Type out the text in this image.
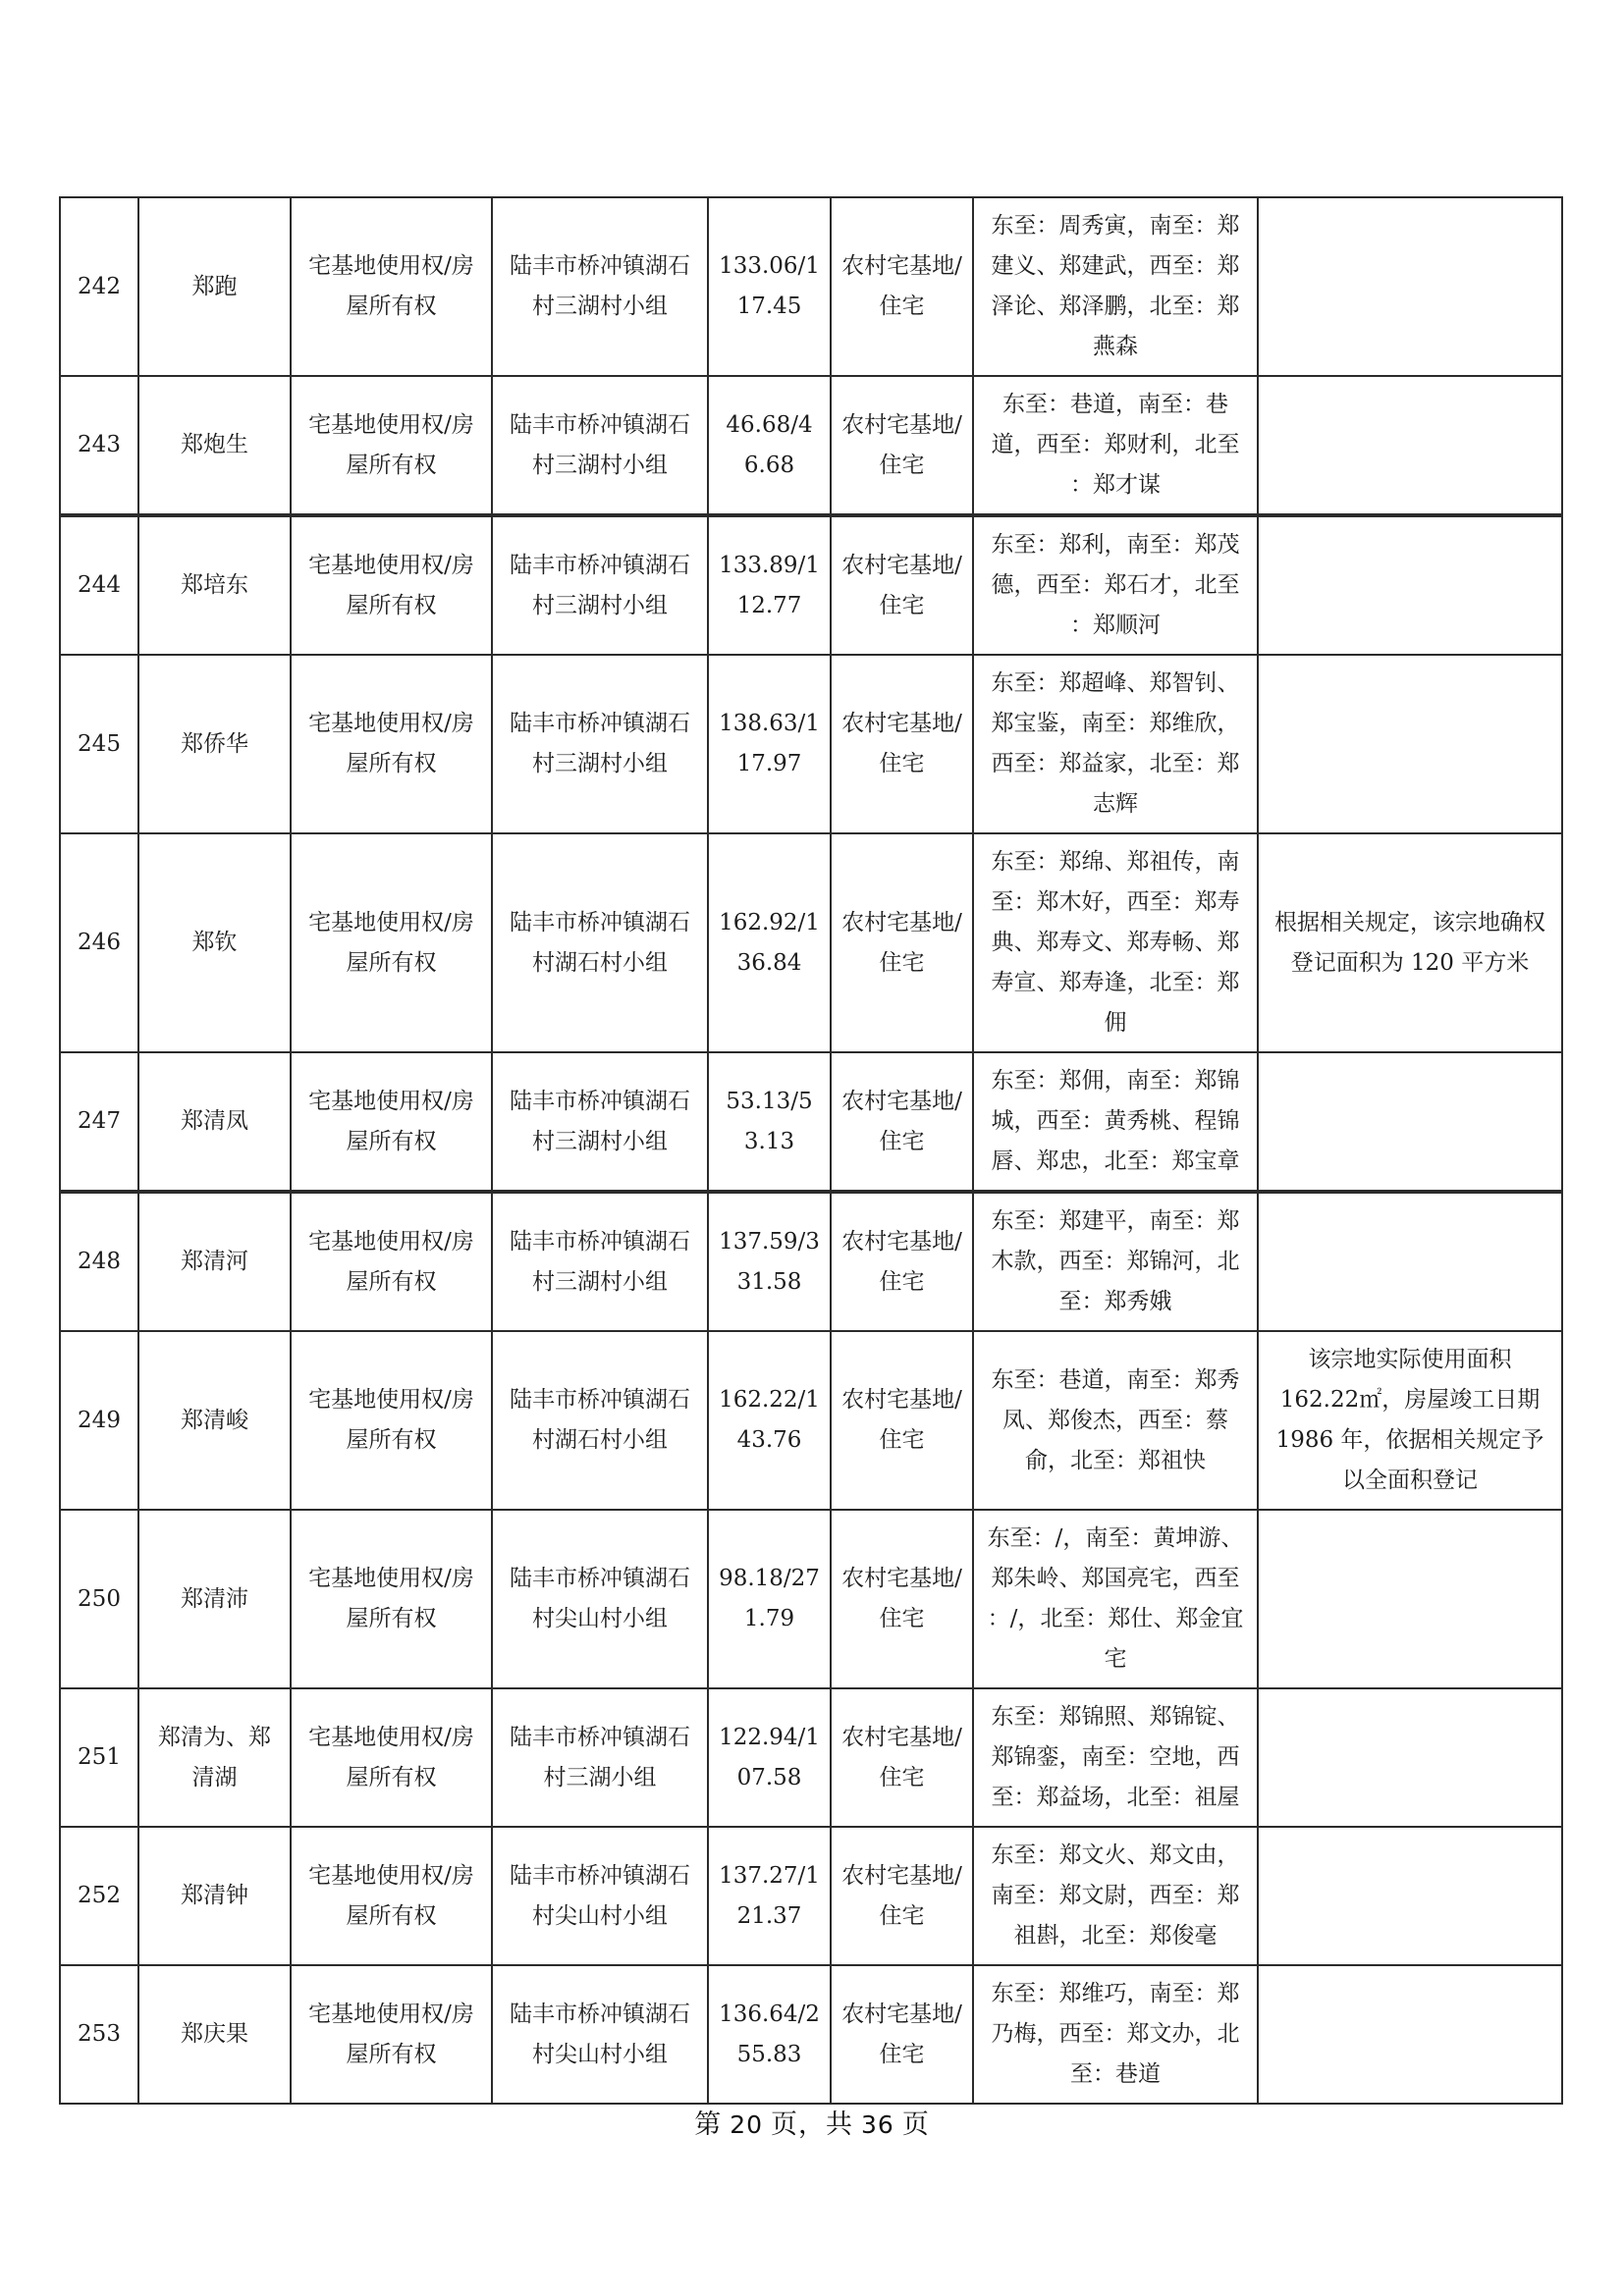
242	郑跑	宅基地使用权/房屋所有权	陆丰市桥冲镇湖石村三湖村小组	133.06/117.45	农村宅基地/住宅	东至：周秀寅，南至：郑建义、郑建武，西至：郑泽论、郑泽鹏，北至：郑燕森	
243	郑炮生	宅基地使用权/房屋所有权	陆丰市桥冲镇湖石村三湖村小组	46.68/46.68	农村宅基地/住宅	东至：巷道，南至：巷道，西至：郑财利，北至：郑才谋	
244	郑培东	宅基地使用权/房屋所有权	陆丰市桥冲镇湖石村三湖村小组	133.89/112.77	农村宅基地/住宅	东至：郑利，南至：郑茂德，西至：郑石才，北至：郑顺河	
245	郑侨华	宅基地使用权/房屋所有权	陆丰市桥冲镇湖石村三湖村小组	138.63/117.97	农村宅基地/住宅	东至：郑超峰、郑智钊、郑宝鉴，南至：郑维欣，西至：郑益家，北至：郑志辉	
246	郑钦	宅基地使用权/房屋所有权	陆丰市桥冲镇湖石村湖石村小组	162.92/136.84	农村宅基地/住宅	东至：郑绵、郑祖传，南至：郑木好，西至：郑寿典、郑寿文、郑寿畅、郑寿宣、郑寿逢，北至：郑佣	根据相关规定，该宗地确权登记面积为 120 平方米
247	郑清凤	宅基地使用权/房屋所有权	陆丰市桥冲镇湖石村三湖村小组	53.13/53.13	农村宅基地/住宅	东至：郑佣，南至：郑锦城，西至：黄秀桃、程锦唇、郑忠，北至：郑宝章	
248	郑清河	宅基地使用权/房屋所有权	陆丰市桥冲镇湖石村三湖村小组	137.59/331.58	农村宅基地/住宅	东至：郑建平，南至：郑木款，西至：郑锦河，北至：郑秀娥	
249	郑清峻	宅基地使用权/房屋所有权	陆丰市桥冲镇湖石村湖石村小组	162.22/143.76	农村宅基地/住宅	东至：巷道，南至：郑秀凤、郑俊杰，西至：蔡俞，北至：郑祖快	该宗地实际使用面积 162.22㎡，房屋竣工日期 1986 年，依据相关规定予以全面积登记
250	郑清沛	宅基地使用权/房屋所有权	陆丰市桥冲镇湖石村尖山村小组	98.18/271.79	农村宅基地/住宅	东至：/，南至：黄坤游、郑朱岭、郑国亮宅，西至：/，北至：郑仕、郑金宜宅	
251	郑清为、郑清湖	宅基地使用权/房屋所有权	陆丰市桥冲镇湖石村三湖小组	122.94/107.58	农村宅基地/住宅	东至：郑锦照、郑锦锭、郑锦銮，南至：空地，西至：郑益场，北至：祖屋	
252	郑清钟	宅基地使用权/房屋所有权	陆丰市桥冲镇湖石村尖山村小组	137.27/121.37	农村宅基地/住宅	东至：郑文火、郑文由，南至：郑文尉，西至：郑祖斟，北至：郑俊毫	
253	郑庆果	宅基地使用权/房屋所有权	陆丰市桥冲镇湖石村尖山村小组	136.64/255.83	农村宅基地/住宅	东至：郑维巧，南至：郑乃梅，西至：郑文办，北至：巷道	
第 20 页，共 36 页
